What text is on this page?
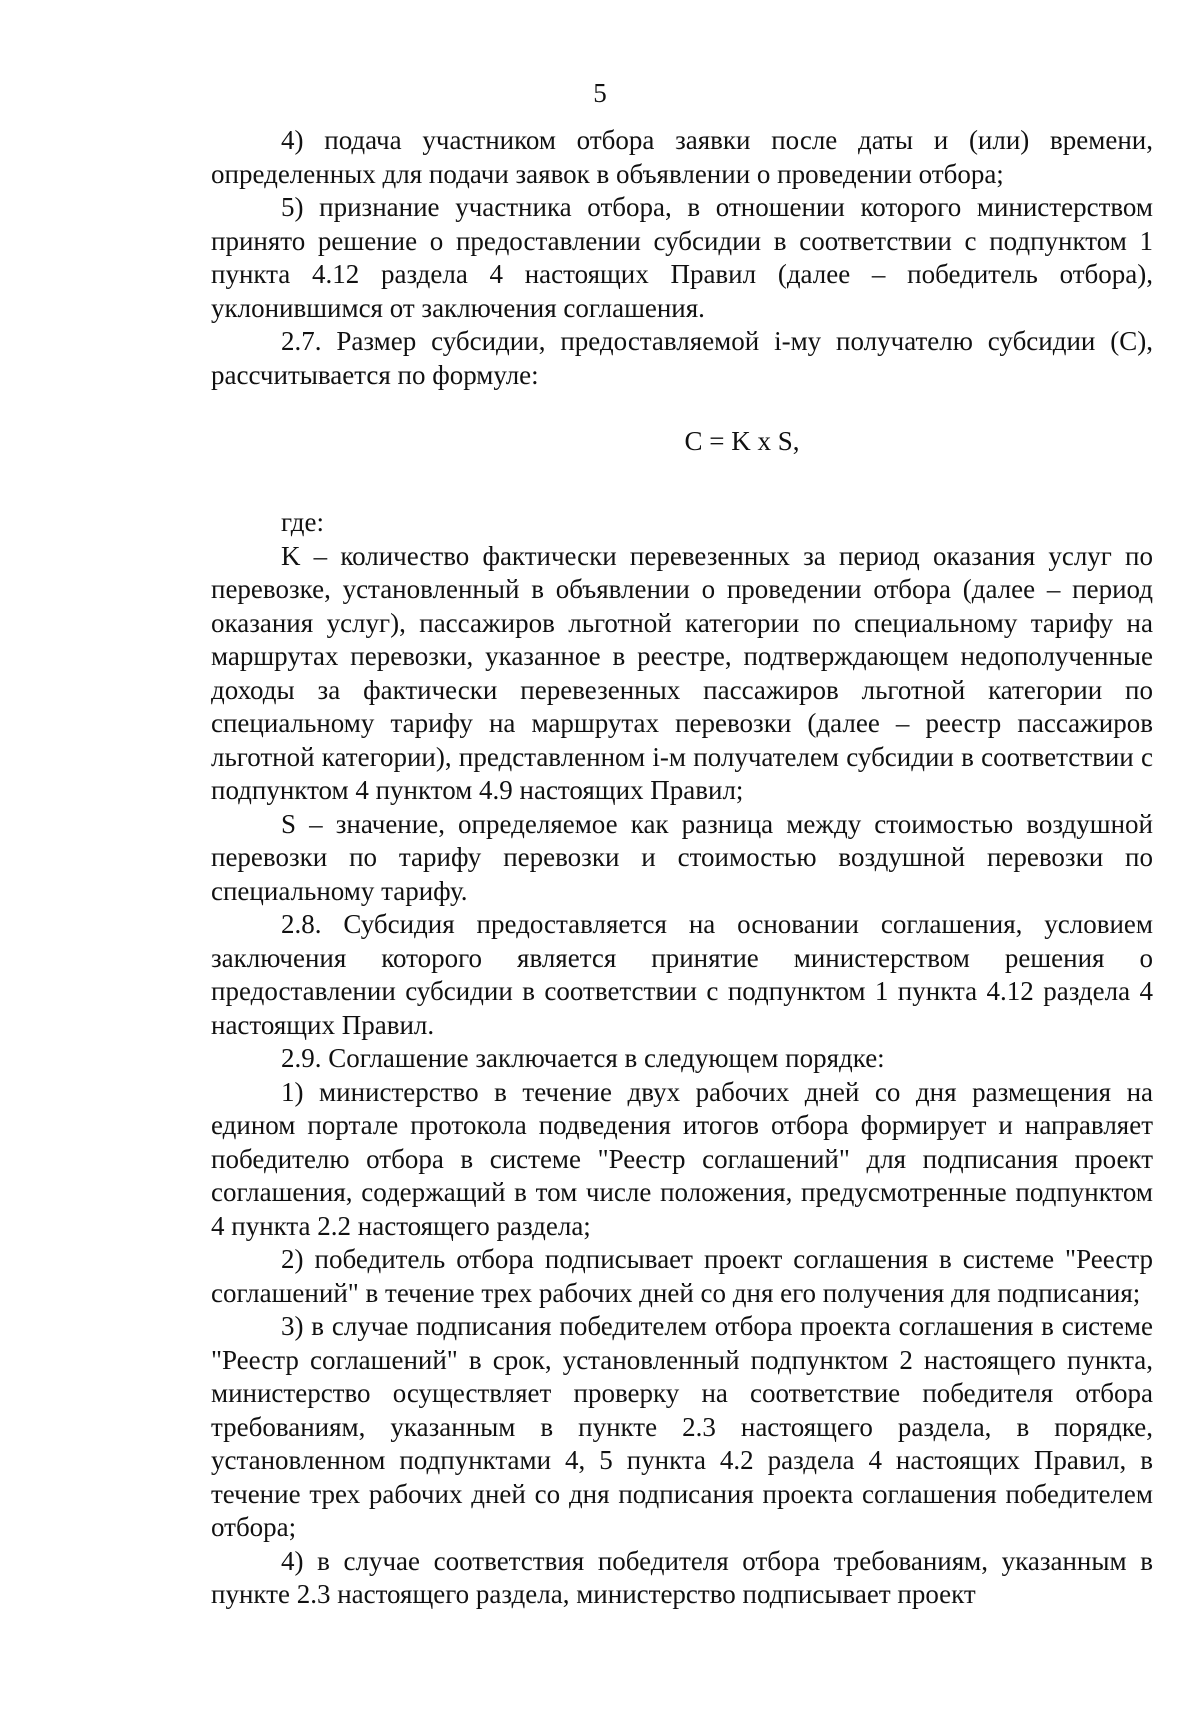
5

4) подача участником отбора заявки после даты и (или) времени, определенных для подачи заявок в объявлении о проведении отбора;

5) признание участника отбора, в отношении которого министерством принято решение о предоставлении субсидии в соответствии с подпунктом 1 пункта 4.12 раздела 4 настоящих Правил (далее – победитель отбора), уклонившимся от заключения соглашения.

2.7. Размер субсидии, предоставляемой i-му получателю субсидии (C), рассчитывается по формуле:

C = K x S,

где:

K – количество фактически перевезенных за период оказания услуг по перевозке, установленный в объявлении о проведении отбора (далее – период оказания услуг), пассажиров льготной категории по специальному тарифу на маршрутах перевозки, указанное в реестре, подтверждающем недополученные доходы за фактически перевезенных пассажиров льготной категории по специальному тарифу на маршрутах перевозки (далее – реестр пассажиров льготной категории), представленном i-м получателем субсидии в соответствии с подпунктом 4 пунктом 4.9 настоящих Правил;

S – значение, определяемое как разница между стоимостью воздушной перевозки по тарифу перевозки и стоимостью воздушной перевозки по специальному тарифу.

2.8. Субсидия предоставляется на основании соглашения, условием заключения которого является принятие министерством решения о предоставлении субсидии в соответствии с подпунктом 1 пункта 4.12 раздела 4 настоящих Правил.

2.9. Соглашение заключается в следующем порядке:

1) министерство в течение двух рабочих дней со дня размещения на едином портале протокола подведения итогов отбора формирует и направляет победителю отбора в системе "Реестр соглашений" для подписания проект соглашения, содержащий в том числе положения, предусмотренные подпунктом 4 пункта 2.2 настоящего раздела;

2) победитель отбора подписывает проект соглашения в системе "Реестр соглашений" в течение трех рабочих дней со дня его получения для подписания;

3) в случае подписания победителем отбора проекта соглашения в системе "Реестр соглашений" в срок, установленный подпунктом 2 настоящего пункта, министерство осуществляет проверку на соответствие победителя отбора требованиям, указанным в пункте 2.3 настоящего раздела, в порядке, установленном подпунктами 4, 5 пункта 4.2 раздела 4 настоящих Правил, в течение трех рабочих дней со дня подписания проекта соглашения победителем отбора;

4) в случае соответствия победителя отбора требованиям, указанным в пункте 2.3 настоящего раздела, министерство подписывает проект
